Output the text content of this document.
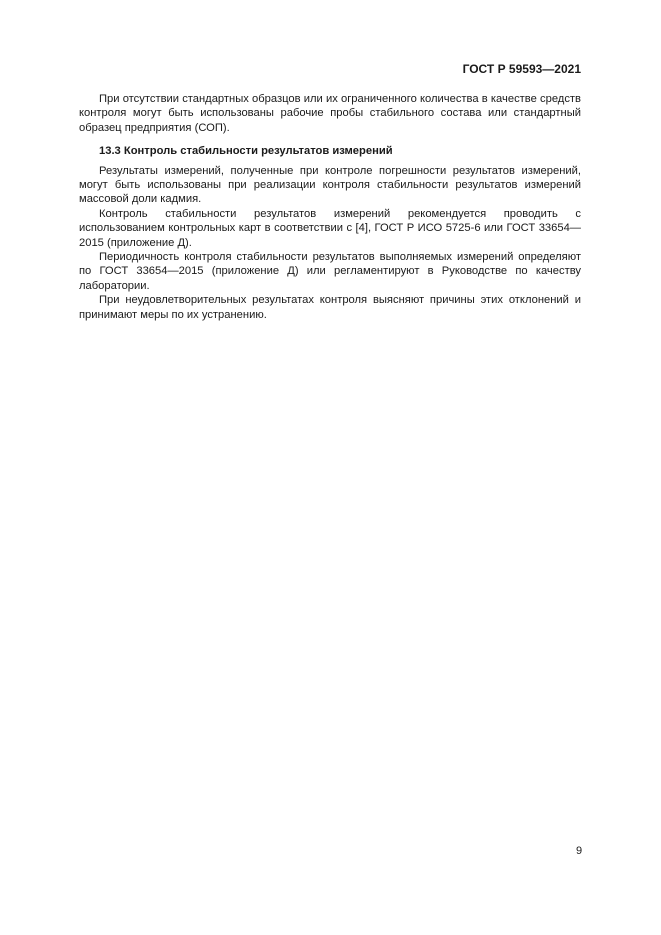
ГОСТ Р 59593—2021

При отсутствии стандартных образцов или их ограниченного количества в качестве средств контроля могут быть использованы рабочие пробы стабильного состава или стандартный образец предприятия (СОП).

13.3 Контроль стабильности результатов измерений

Результаты измерений, полученные при контроле погрешности результатов измерений, могут быть использованы при реализации контроля стабильности результатов измерений массовой доли кадмия.

Контроль стабильности результатов измерений рекомендуется проводить с использованием контрольных карт в соответствии с [4], ГОСТ Р ИСО 5725-6 или ГОСТ 33654—2015 (приложение Д).

Периодичность контроля стабильности результатов выполняемых измерений определяют по ГОСТ 33654—2015 (приложение Д) или регламентируют в Руководстве по качеству лаборатории.

При неудовлетворительных результатах контроля выясняют причины этих отклонений и принимают меры по их устранению.

9
